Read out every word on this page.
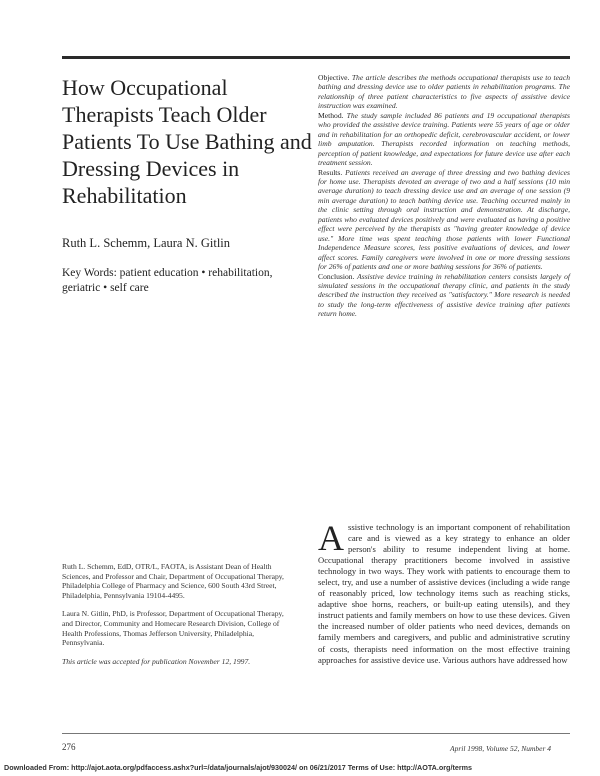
How Occupational Therapists Teach Older Patients To Use Bathing and Dressing Devices in Rehabilitation
Ruth L. Schemm, Laura N. Gitlin
Key Words: patient education • rehabilitation, geriatric • self care

Objective. The article describes the methods occupational therapists use to teach bathing and dressing device use to older patients in rehabilitation programs. The relationship of three patient characteristics to five aspects of assistive device instruction was examined.

Method. The study sample included 86 patients and 19 occupational therapists who provided the assistive device training. Patients were 55 years of age or older and in rehabilitation for an orthopedic deficit, cerebrovascular accident, or lower limb amputation. Therapists recorded information on teaching methods, perception of patient knowledge, and expectations for future device use after each treatment session.

Results. Patients received an average of three dressing and two bathing devices for home use. Therapists devoted an average of two and a half sessions (10 min average duration) to teach dressing device use and an average of one session (9 min average duration) to teach bathing device use. Teaching occurred mainly in the clinic setting through oral instruction and demonstration. At discharge, patients who evaluated devices positively and were evaluated as having a positive effect were perceived by the therapists as "having greater knowledge of device use." More time was spent teaching those patients with lower Functional Independence Measure scores, less positive evaluations of devices, and lower affect scores. Family caregivers were involved in one or more dressing sessions for 26% of patients and one or more bathing sessions for 36% of patients.

Conclusion. Assistive device training in rehabilitation centers consists largely of simulated sessions in the occupational therapy clinic, and patients in the study described the instruction they received as "satisfactory." More research is needed to study the long-term effectiveness of assistive device training after patients return home.

Ruth L. Schemm, EdD, OTR/L, FAOTA, is Assistant Dean of Health Sciences, and Professor and Chair, Department of Occupational Therapy, Philadelphia College of Pharmacy and Science, 600 South 43rd Street, Philadelphia, Pennsylvania 19104-4495.

Laura N. Gitlin, PhD, is Professor, Department of Occupational Therapy, and Director, Community and Homecare Research Division, College of Health Professions, Thomas Jefferson University, Philadelphia, Pennsylvania.

This article was accepted for publication November 12, 1997.

Assistive technology is an important component of rehabilitation care and is viewed as a key strategy to enhance an older person's ability to resume independent living at home. Occupational therapy practitioners become involved in assistive technology in two ways. They work with patients to encourage them to select, try, and use a number of assistive devices (including a wide range of reasonably priced, low technology items such as reaching sticks, adaptive shoe horns, reachers, or built-up eating utensils), and they instruct patients and family members on how to use these devices. Given the increased number of older patients who need devices, demands on family members and caregivers, and public and administrative scrutiny of costs, therapists need information on the most effective training approaches for assistive device use. Various authors have addressed how

276	April 1998, Volume 52, Number 4
Downloaded From: http://ajot.aota.org/pdfaccess.ashx?url=/data/journals/ajot/930024/ on 06/21/2017 Terms of Use: http://AOTA.org/terms
